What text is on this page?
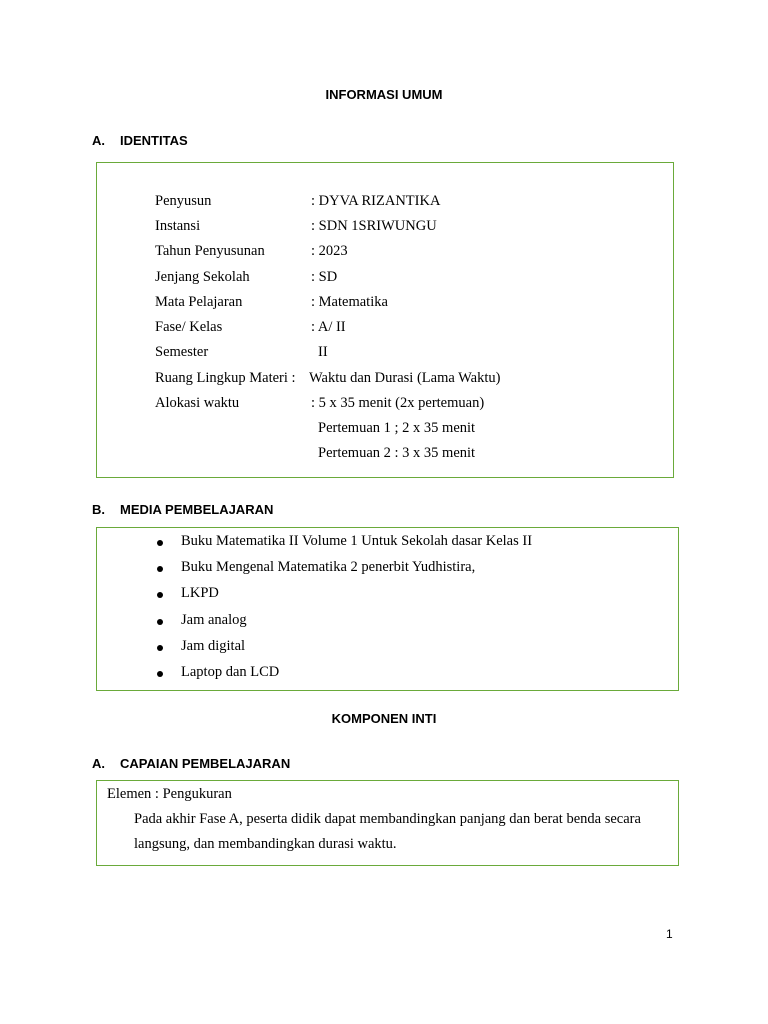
INFORMASI UMUM
A. IDENTITAS
Penyusun	: DYVA RIZANTIKA
Instansi	: SDN 1SRIWUNGU
Tahun Penyusunan	: 2023
Jenjang Sekolah	: SD
Mata Pelajaran	: Matematika
Fase/ Kelas	: A/ II
Semester	II
Ruang Lingkup Materi : Waktu dan Durasi (Lama Waktu)
Alokasi waktu	: 5 x 35 menit (2x pertemuan)
Pertemuan 1 ; 2 x 35 menit
Pertemuan 2 : 3 x 35 menit
B. MEDIA PEMBELAJARAN
Buku Matematika II Volume 1 Untuk Sekolah dasar Kelas II
Buku Mengenal Matematika 2 penerbit Yudhistira,
LKPD
Jam analog
Jam digital
Laptop dan LCD
KOMPONEN INTI
A. CAPAIAN PEMBELAJARAN
Elemen : Pengukuran
Pada akhir Fase A, peserta didik dapat membandingkan panjang dan berat benda secara
langsung, dan membandingkan durasi waktu.
1
